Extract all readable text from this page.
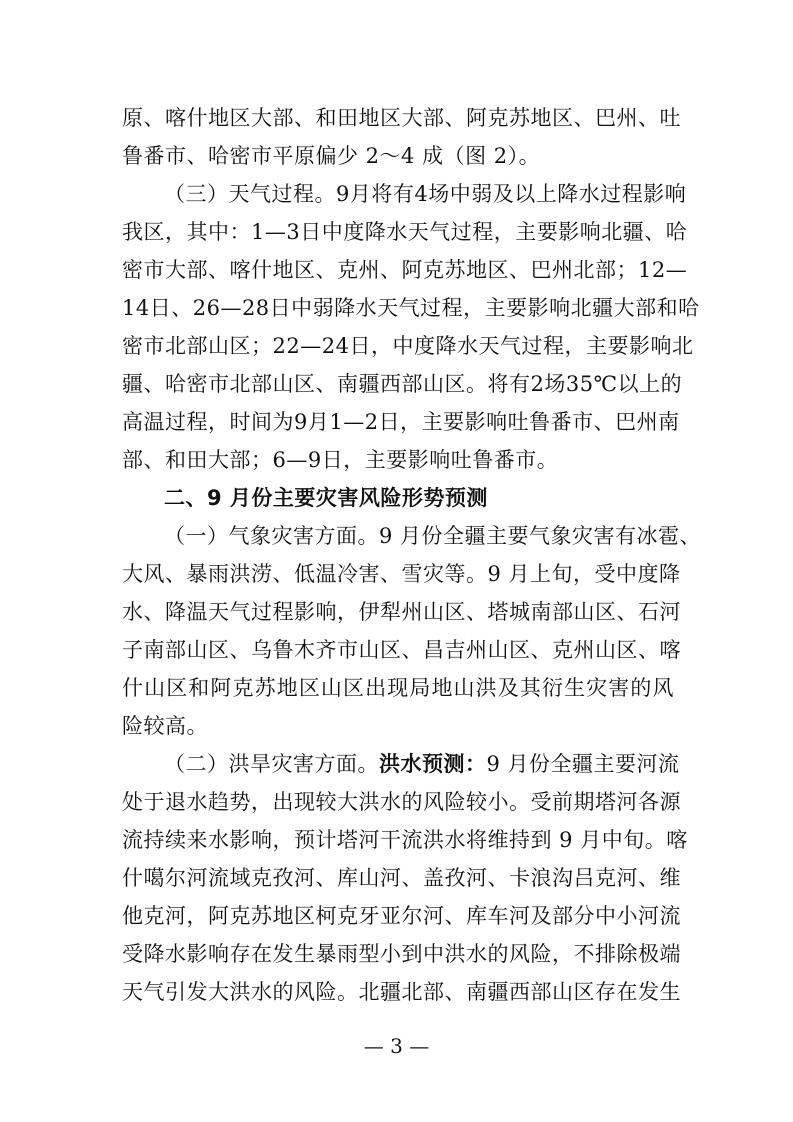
原、喀什地区大部、和田地区大部、阿克苏地区、巴州、吐
鲁番市、哈密市平原偏少 2～4 成（图 2）。
（三）天气过程。9月将有4场中弱及以上降水过程影响
我区，其中：1—3日中度降水天气过程，主要影响北疆、哈
密市大部、喀什地区、克州、阿克苏地区、巴州北部；12—
14日、26—28日中弱降水天气过程，主要影响北疆大部和哈
密市北部山区；22—24日，中度降水天气过程，主要影响北
疆、哈密市北部山区、南疆西部山区。将有2场35℃以上的
高温过程，时间为9月1—2日，主要影响吐鲁番市、巴州南
部、和田大部；6—9日，主要影响吐鲁番市。
二、9 月份主要灾害风险形势预测
（一）气象灾害方面。9 月份全疆主要气象灾害有冰雹、
大风、暴雨洪涝、低温冷害、雪灾等。9 月上旬，受中度降
水、降温天气过程影响，伊犁州山区、塔城南部山区、石河
子南部山区、乌鲁木齐市山区、昌吉州山区、克州山区、喀
什山区和阿克苏地区山区出现局地山洪及其衍生灾害的风
险较高。
（二）洪旱灾害方面。洪水预测：9 月份全疆主要河流
处于退水趋势，出现较大洪水的风险较小。受前期塔河各源
流持续来水影响，预计塔河干流洪水将维持到 9 月中旬。喀
什噶尔河流域克孜河、库山河、盖孜河、卡浪沟吕克河、维
他克河，阿克苏地区柯克牙亚尔河、库车河及部分中小河流
受降水影响存在发生暴雨型小到中洪水的风险，不排除极端
天气引发大洪水的风险。北疆北部、南疆西部山区存在发生
— 3 —
